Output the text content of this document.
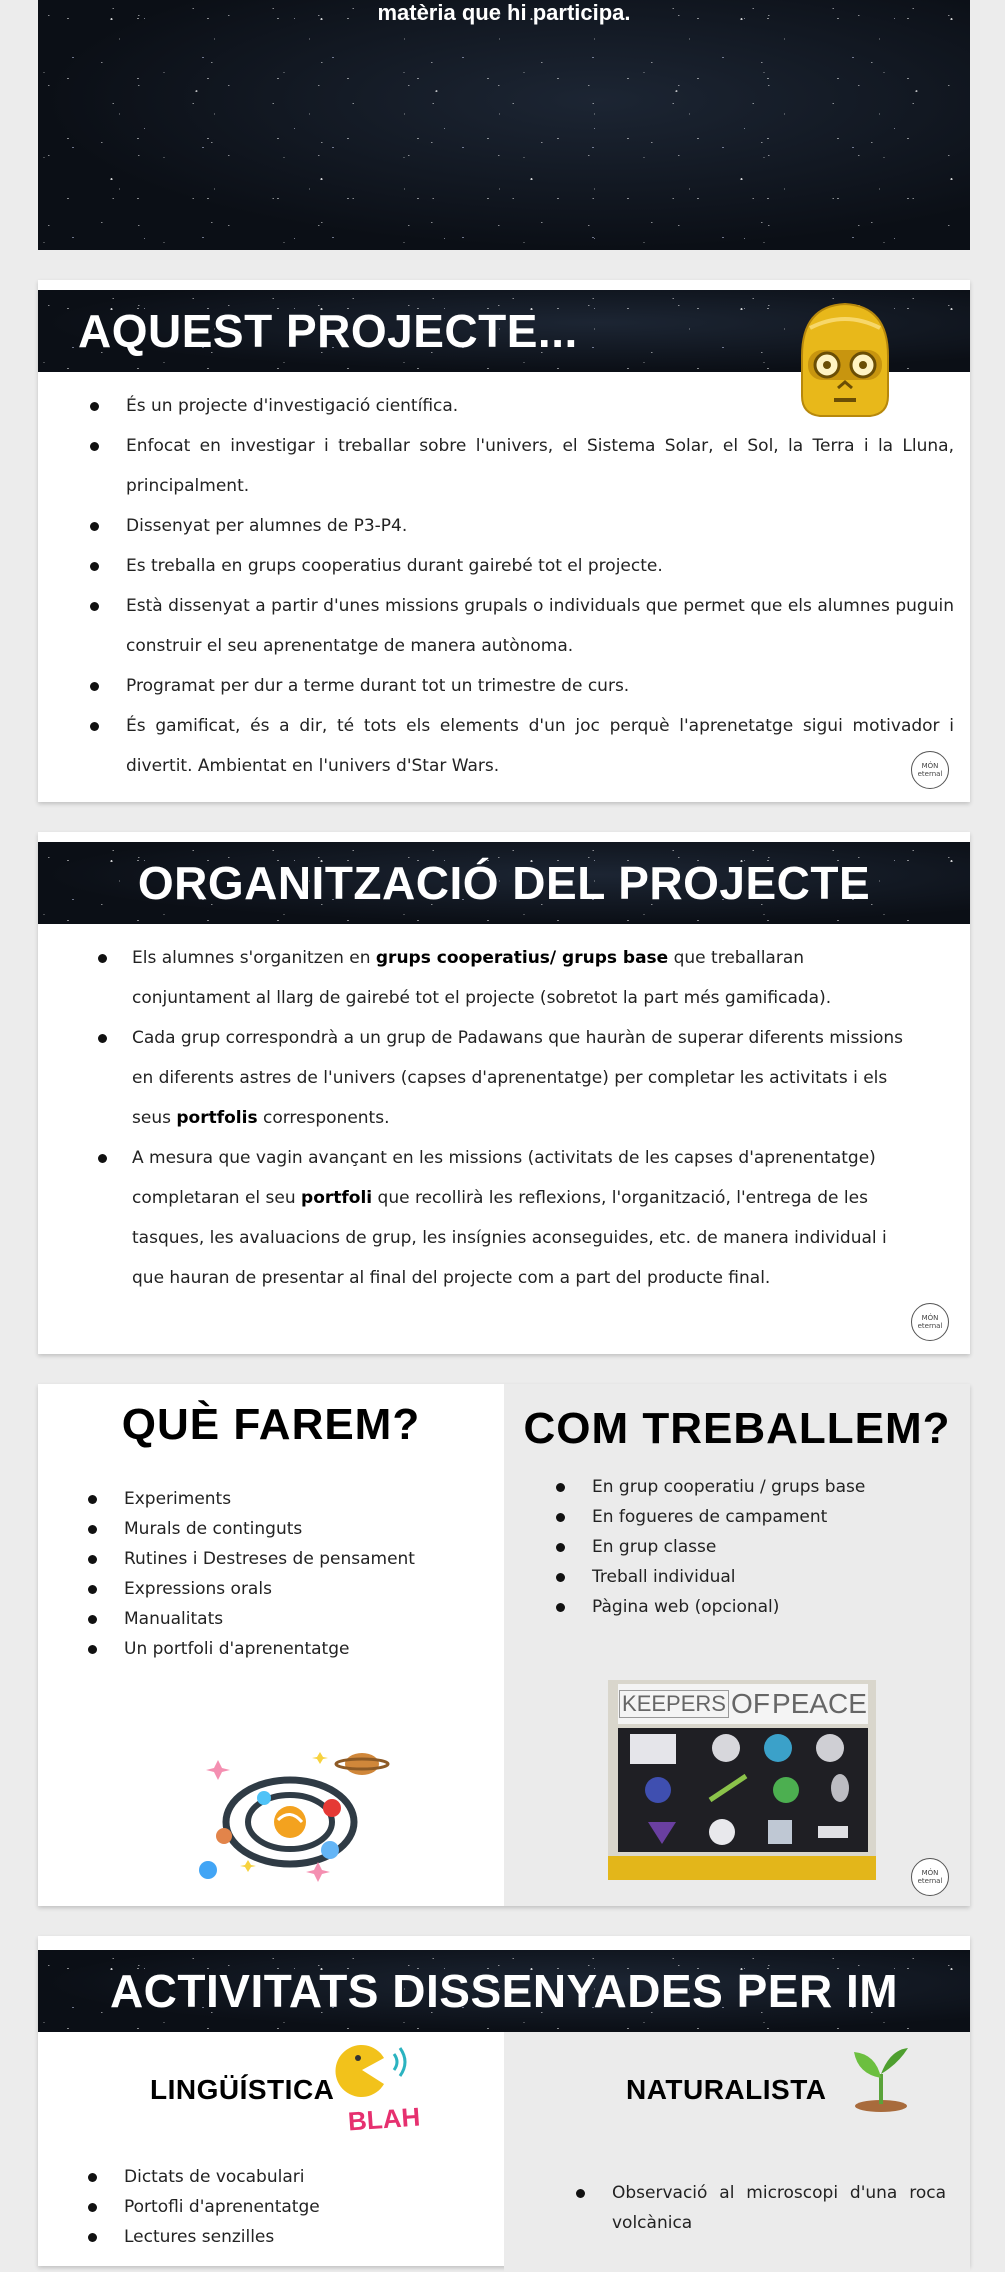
matèria que hi participa.
AQUEST PROJECTE...
És un projecte d'investigació científica.
Enfocat en investigar i treballar sobre l'univers, el Sistema Solar, el Sol, la Terra i la Lluna, principalment.
Dissenyat per alumnes de P3-P4.
Es treballa en grups cooperatius durant gairebé tot el projecte.
Està dissenyat a partir d'unes missions grupals o individuals que permet que els alumnes puguin construir el seu aprenentatge de manera autònoma.
Programat per dur a terme durant tot un trimestre de curs.
És gamificat, és a dir, té tots els elements d'un joc perquè l'aprenetatge sigui motivador i divertit. Ambientat en l'univers d'Star Wars.	MÓN eternal
ORGANITZACIÓ DEL PROJECTE
Els alumnes s'organitzen en grups cooperatius/ grups base que treballaran conjuntament al llarg de gairebé tot el projecte (sobretot la part més gamificada).
Cada grup correspondrà a un grup de Padawans que hauràn de superar diferents missions en diferents astres de l'univers (capses d'aprenentatge) per completar les activitats i els seus portfolis corresponents.
A mesura que vagin avançant en les missions (activitats de les capses d'aprenentatge) completaran el seu portfoli que recollirà les reflexions, l'organització, l'entrega de les tasques, les avaluacions de grup, les insígnies aconseguides, etc. de manera individual i que hauran de presentar al final del projecte com a part del producte final.
MÓN eternal
QUÈ FAREM?
Experiments
Murals de continguts
Rutines i Destreses de pensament
Expressions orals
Manualitats
Un portfoli d'aprenentatge
COM TREBALLEM?
En grup cooperatiu / grups base
En fogueres de campament
En grup classe
Treball individual
Pàgina web (opcional)
KEEPERS OF PEACE
MÓN eternal
ACTIVITATS DISSENYADES PER IM
LINGÜÍSTICA
BLAH
Dictats de vocabulari
Portofli d'aprenentatge
Lectures senzilles
NATURALISTA
Observació al microscopi d'una roca volcànica
